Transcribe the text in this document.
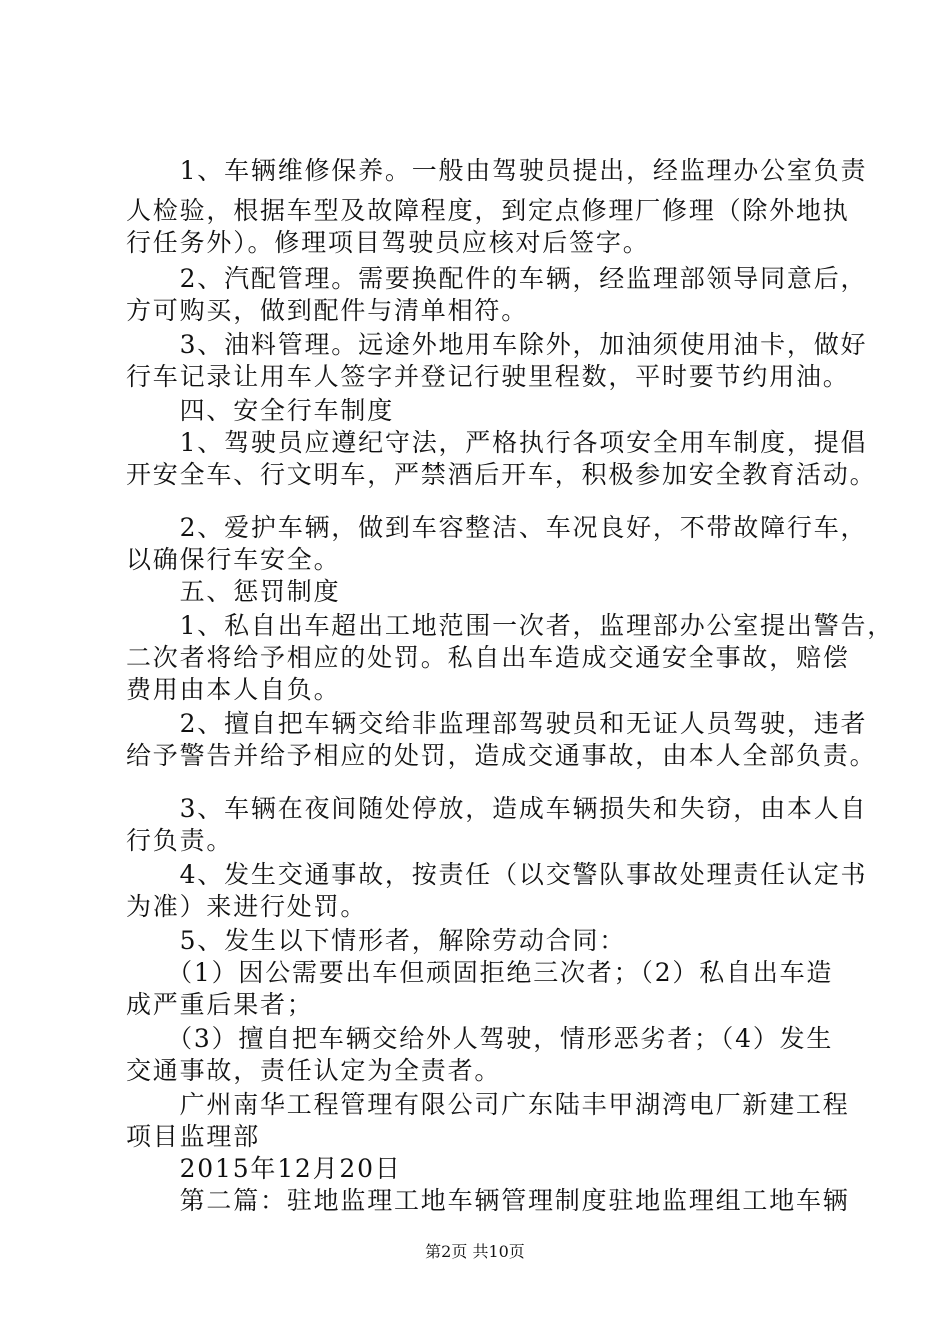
　　1、车辆维修保养。一般由驾驶员提出，经监理办公室负责
人检验，根据车型及故障程度，到定点修理厂修理（除外地执
行任务外）。修理项目驾驶员应核对后签字。
　　2、汽配管理。需要换配件的车辆，经监理部领导同意后，
方可购买，做到配件与清单相符。
　　3、油料管理。远途外地用车除外，加油须使用油卡，做好
行车记录让用车人签字并登记行驶里程数，平时要节约用油。
　　四、安全行车制度
　　1、驾驶员应遵纪守法，严格执行各项安全用车制度，提倡
开安全车、行文明车，严禁酒后开车，积极参加安全教育活动。
　　2、爱护车辆，做到车容整洁、车况良好，不带故障行车，
以确保行车安全。
　　五、惩罚制度
　　1、私自出车超出工地范围一次者，监理部办公室提出警告，
二次者将给予相应的处罚。私自出车造成交通安全事故，赔偿
费用由本人自负。
　　2、擅自把车辆交给非监理部驾驶员和无证人员驾驶，违者
给予警告并给予相应的处罚，造成交通事故，由本人全部负责。
　　3、车辆在夜间随处停放，造成车辆损失和失窃，由本人自
行负责。
　　4、发生交通事故，按责任（以交警队事故处理责任认定书
为准）来进行处罚。
　　5、发生以下情形者，解除劳动合同：
　　（1）因公需要出车但顽固拒绝三次者；（2）私自出车造
成严重后果者；
　　（3）擅自把车辆交给外人驾驶，情形恶劣者；（4）发生
交通事故，责任认定为全责者。
　　广州南华工程管理有限公司广东陆丰甲湖湾电厂新建工程
项目监理部
　　2015年12月20日
　　第二篇：驻地监理工地车辆管理制度驻地监理组工地车辆
第2页 共10页
